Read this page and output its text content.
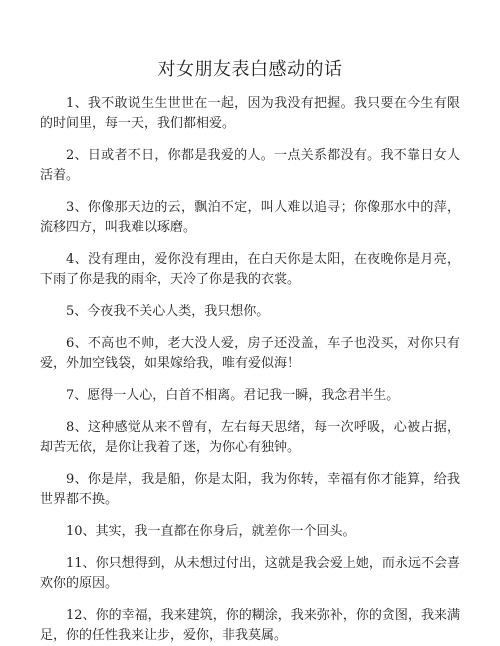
对女朋友表白感动的话

1、我不敢说生生世世在一起，因为我没有把握。我只要在今生有限的时间里，每一天，我们都相爱。

2、日或者不日，你都是我爱的人。一点关系都没有。我不靠日女人活着。

3、你像那天边的云，飘泊不定，叫人难以追寻；你像那水中的萍，流移四方，叫我难以琢磨。

4、没有理由，爱你没有理由，在白天你是太阳，在夜晚你是月亮，下雨了你是我的雨伞，天冷了你是我的衣裳。

5、今夜我不关心人类，我只想你。

6、不高也不帅，老大没人爱，房子还没盖，车子也没买，对你只有爱，外加空钱袋，如果嫁给我，唯有爱似海！

7、愿得一人心，白首不相离。君记我一瞬，我念君半生。

8、这种感觉从来不曾有，左右每天思绪，每一次呼吸，心被占据，却苦无依，是你让我着了迷，为你心有独钟。

9、你是岸，我是船，你是太阳，我为你转，幸福有你才能算，给我世界都不换。

10、其实，我一直都在你身后，就差你一个回头。

11、你只想得到，从未想过付出，这就是我会爱上她，而永远不会喜欢你的原因。

12、你的幸福，我来建筑，你的糊涂，我来弥补，你的贪图，我来满足，你的任性我来让步，爱你，非我莫属。
